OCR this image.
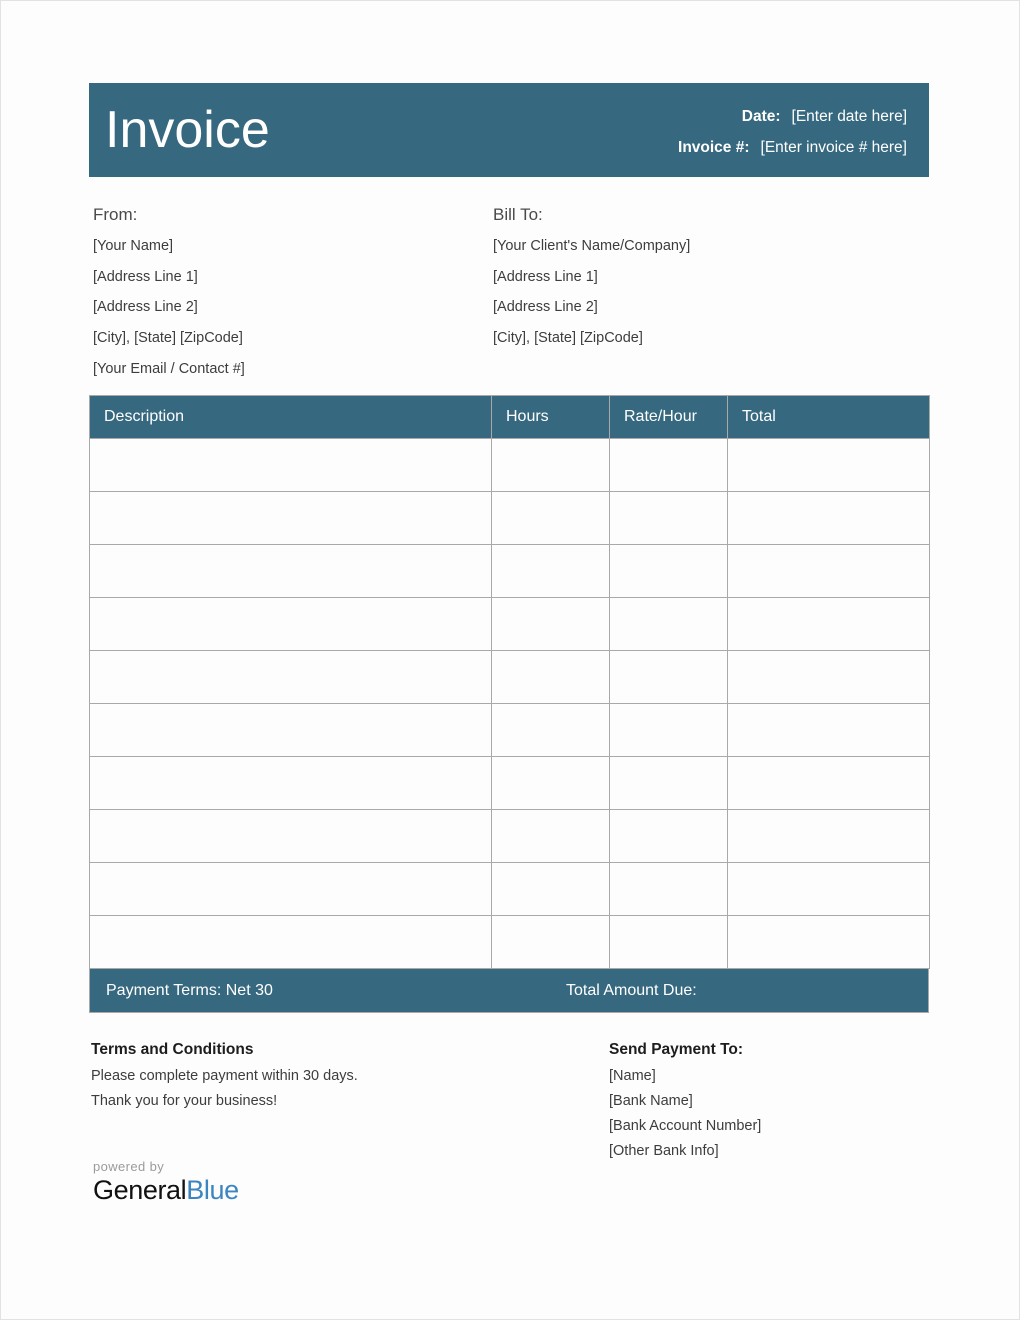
Invoice	Date: [Enter date here]
Invoice #: [Enter invoice # here]
From:
[Your Name]
[Address Line 1]
[Address Line 2]
[City], [State] [ZipCode]
[Your Email / Contact #]
Bill To:
[Your Client's Name/Company]
[Address Line 1]
[Address Line 2]
[City], [State] [ZipCode]
Description	Hours	Rate/Hour	Total

Payment Terms: Net 30	Total Amount Due:
Terms and Conditions
Please complete payment within 30 days.
Thank you for your business!
powered by
GeneralBlue
Send Payment To:
[Name]
[Bank Name]
[Bank Account Number]
[Other Bank Info]
